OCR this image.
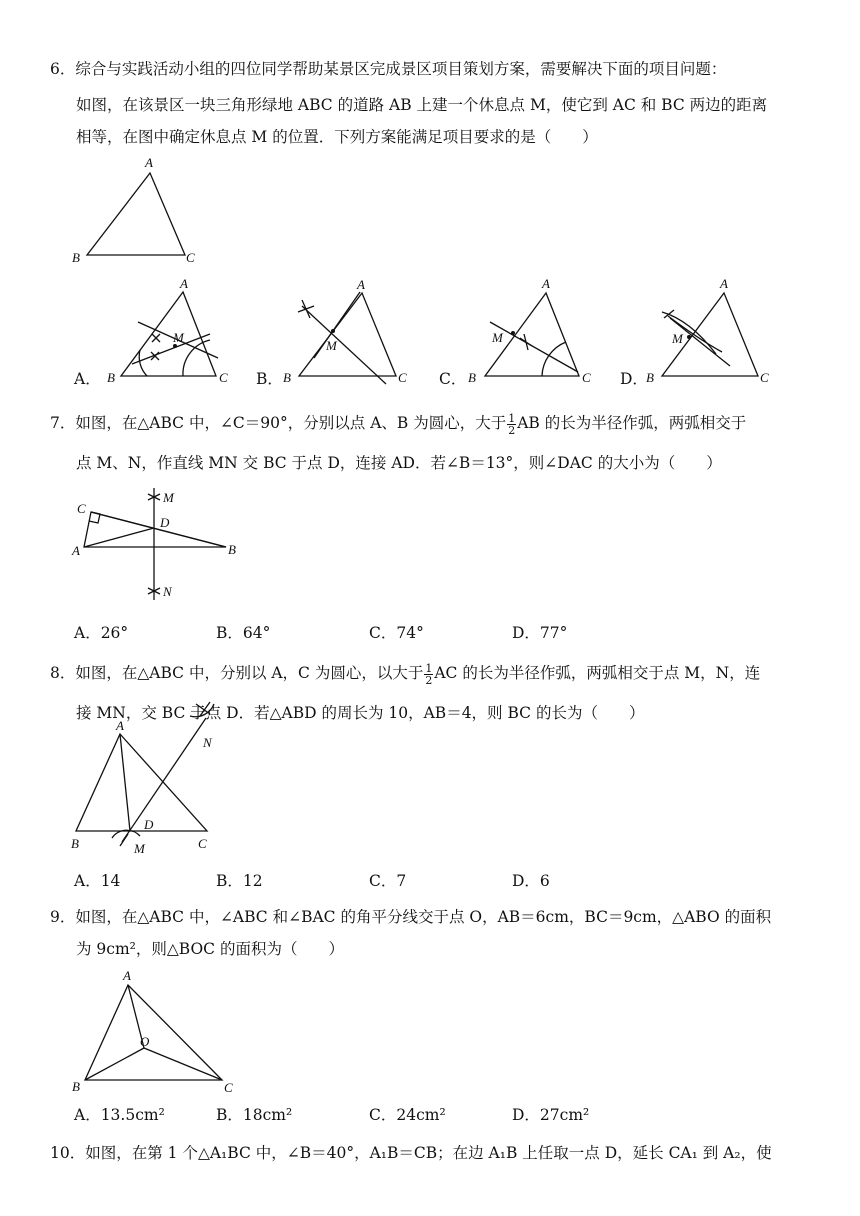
6．综合与实践活动小组的四位同学帮助某景区完成景区项目策划方案，需要解决下面的项目问题：
如图，在该景区一块三角形绿地 ABC 的道路 AB 上建一个休息点 M，使它到 AC 和 BC 两边的距离
相等，在图中确定休息点 M 的位置．下列方案能满足项目要求的是（　　）
A
B	C
M
A
B	C
M
A
B	C
M
A
B	C
M
A
B	C
A．	B．	C．	D．
7．如图，在△ABC 中，∠C＝90°，分别以点 A、B 为圆心，大于 $\frac{1}{2}$ AB 的长为半径作弧，两弧相交于
点 M、N，作直线 MN 交 BC 于点 D，连接 AD．若∠B＝13°，则∠DAC 的大小为（　　）
C
A	B
D
M
N
A．26°	B．64°	C．74°	D．77°
8．如图，在△ABC 中，分别以 A，C 为圆心，以大于 $\frac{1}{2}$ AC 的长为半径作弧，两弧相交于点 M，N，连
接 MN，交 BC 于点 D．若△ABD 的周长为 10，AB＝4，则 BC 的长为（　　）
A
B	C
D
M
N
A．14	B．12	C．7	D．6
9．如图，在△ABC 中，∠ABC 和∠BAC 的角平分线交于点 O，AB＝6cm，BC＝9cm，△ABO 的面积
为 9cm²，则△BOC 的面积为（　　）
A
B	C
O
A．13.5cm²	B．18cm²	C．24cm²	D．27cm²
10．如图，在第 1 个△A₁BC 中，∠B＝40°，A₁B＝CB；在边 A₁B 上任取一点 D，延长 CA₁ 到 A₂，使
